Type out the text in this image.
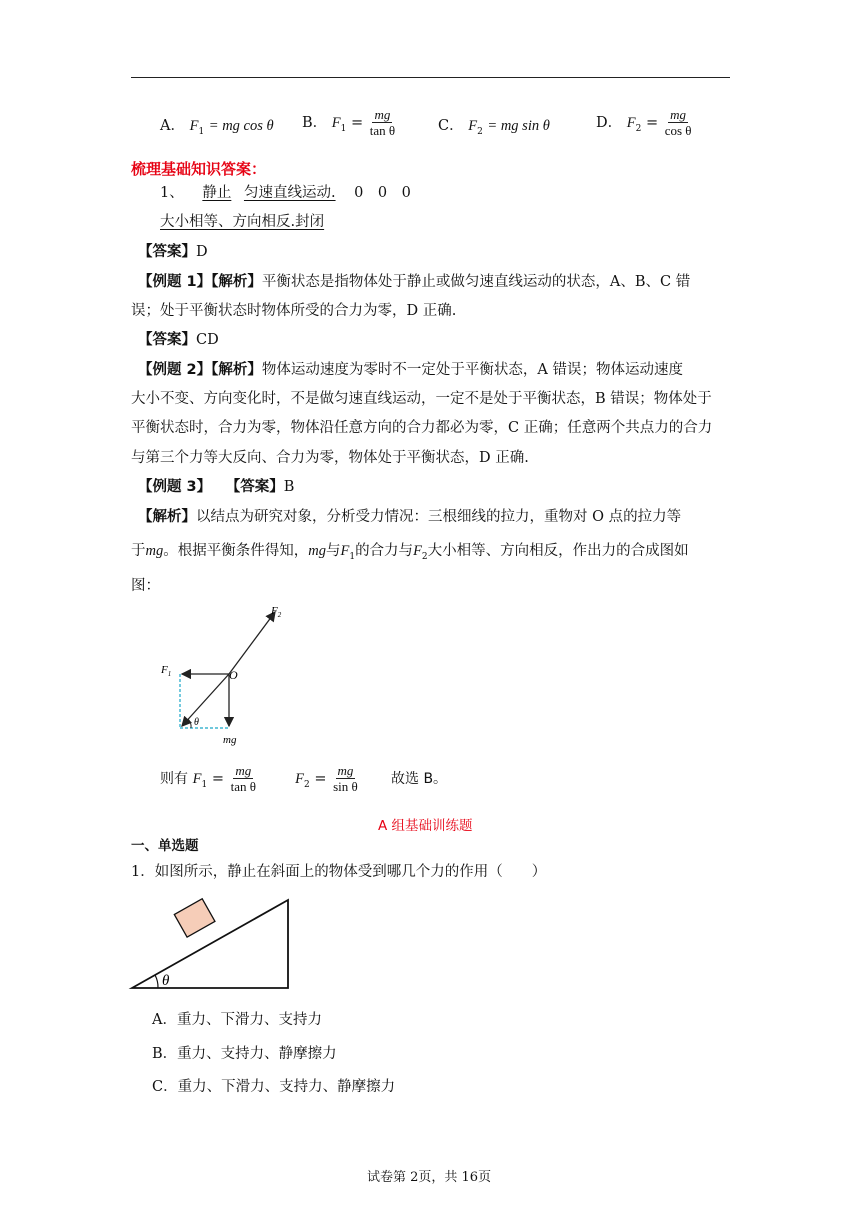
A． $F_1$ = mg cos θ B． $F_1 = \frac{mg}{\text{tan θ}}$	C． $F_2$ = mg sin θ	D． $F_2 = \frac{mg}{\text{cos θ}}$
梳理基础知识答案：
1、 静止 匀速直线运动. 0　0　0
大小相等、方向相反.封闭
【答案】D
【例题 1】【解析】平衡状态是指物体处于静止或做匀速直线运动的状态，A、B、C 错
误；处于平衡状态时物体所受的合力为零，D 正确.
【答案】CD
【例题 2】【解析】物体运动速度为零时不一定处于平衡状态，A 错误；物体运动速度
大小不变、方向变化时，不是做匀速直线运动，一定不是处于平衡状态，B 错误；物体处于
平衡状态时，合力为零，物体沿任意方向的合力都必为零，C 正确；任意两个共点力的合力
与第三个力等大反向、合力为零，物体处于平衡状态，D 正确.
【例题 3】 【答案】B
【解析】以结点为研究对象，分析受力情况：三根细线的拉力，重物对 O 点的拉力等
于mg。根据平衡条件得知，mg与$F_1$的合力与$F_2$大小相等、方向相反，作出力的合成图如
图：
$F_2$
$F_1$	O
mg
θ
则有 $F_1 = \frac{mg}{\text{tan θ}}$	$F_2 = \frac{mg}{\text{sin θ}}$ 故选 B。
A 组基础训练题
一、单选题
1．如图所示，静止在斜面上的物体受到哪几个力的作用（　　）
θ
A．重力、下滑力、支持力
B．重力、支持力、静摩擦力
C．重力、下滑力、支持力、静摩擦力
试卷第 2页，共 16页
